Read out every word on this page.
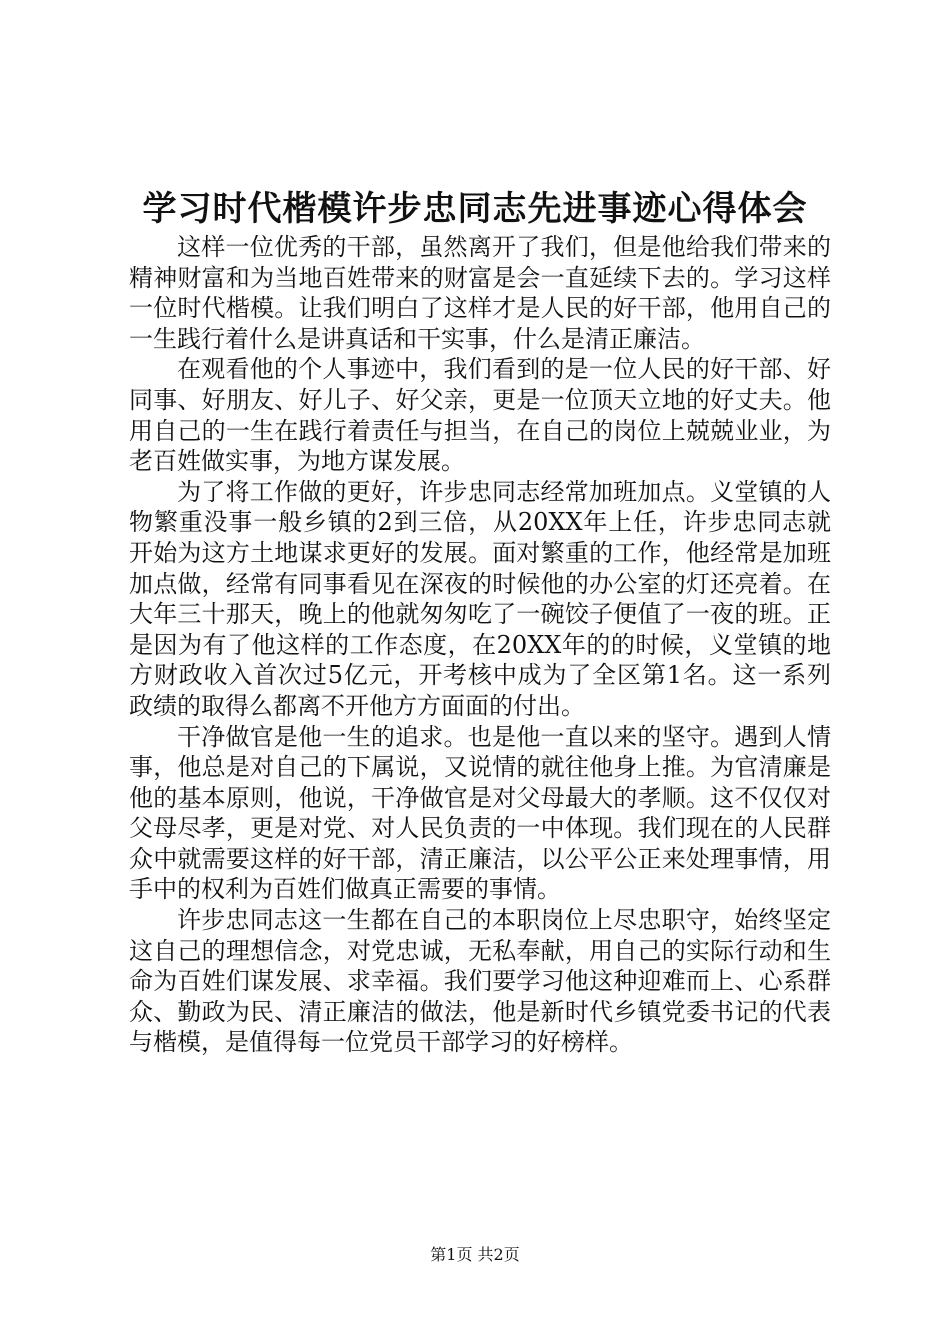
学习时代楷模许步忠同志先进事迹心得体会

这样一位优秀的干部，虽然离开了我们，但是他给我们带来的精神财富和为当地百姓带来的财富是会一直延续下去的。学习这样一位时代楷模。让我们明白了这样才是人民的好干部，他用自己的一生践行着什么是讲真话和干实事，什么是清正廉洁。

在观看他的个人事迹中，我们看到的是一位人民的好干部、好同事、好朋友、好儿子、好父亲，更是一位顶天立地的好丈夫。他用自己的一生在践行着责任与担当，在自己的岗位上兢兢业业，为老百姓做实事，为地方谋发展。

为了将工作做的更好，许步忠同志经常加班加点。义堂镇的人物繁重没事一般乡镇的2到三倍，从20XX年上任，许步忠同志就开始为这方土地谋求更好的发展。面对繁重的工作，他经常是加班加点做，经常有同事看见在深夜的时候他的办公室的灯还亮着。在大年三十那天，晚上的他就匆匆吃了一碗饺子便值了一夜的班。正是因为有了他这样的工作态度，在20XX年的的时候，义堂镇的地方财政收入首次过5亿元，开考核中成为了全区第1名。这一系列政绩的取得么都离不开他方方面面的付出。

干净做官是他一生的追求。也是他一直以来的坚守。遇到人情事，他总是对自己的下属说，又说情的就往他身上推。为官清廉是他的基本原则，他说，干净做官是对父母最大的孝顺。这不仅仅对父母尽孝，更是对党、对人民负责的一中体现。我们现在的人民群众中就需要这样的好干部，清正廉洁，以公平公正来处理事情，用手中的权利为百姓们做真正需要的事情。

许步忠同志这一生都在自己的本职岗位上尽忠职守，始终坚定这自己的理想信念，对党忠诚，无私奉献，用自己的实际行动和生命为百姓们谋发展、求幸福。我们要学习他这种迎难而上、心系群众、勤政为民、清正廉洁的做法，他是新时代乡镇党委书记的代表与楷模，是值得每一位党员干部学习的好榜样。

第1页 共2页
